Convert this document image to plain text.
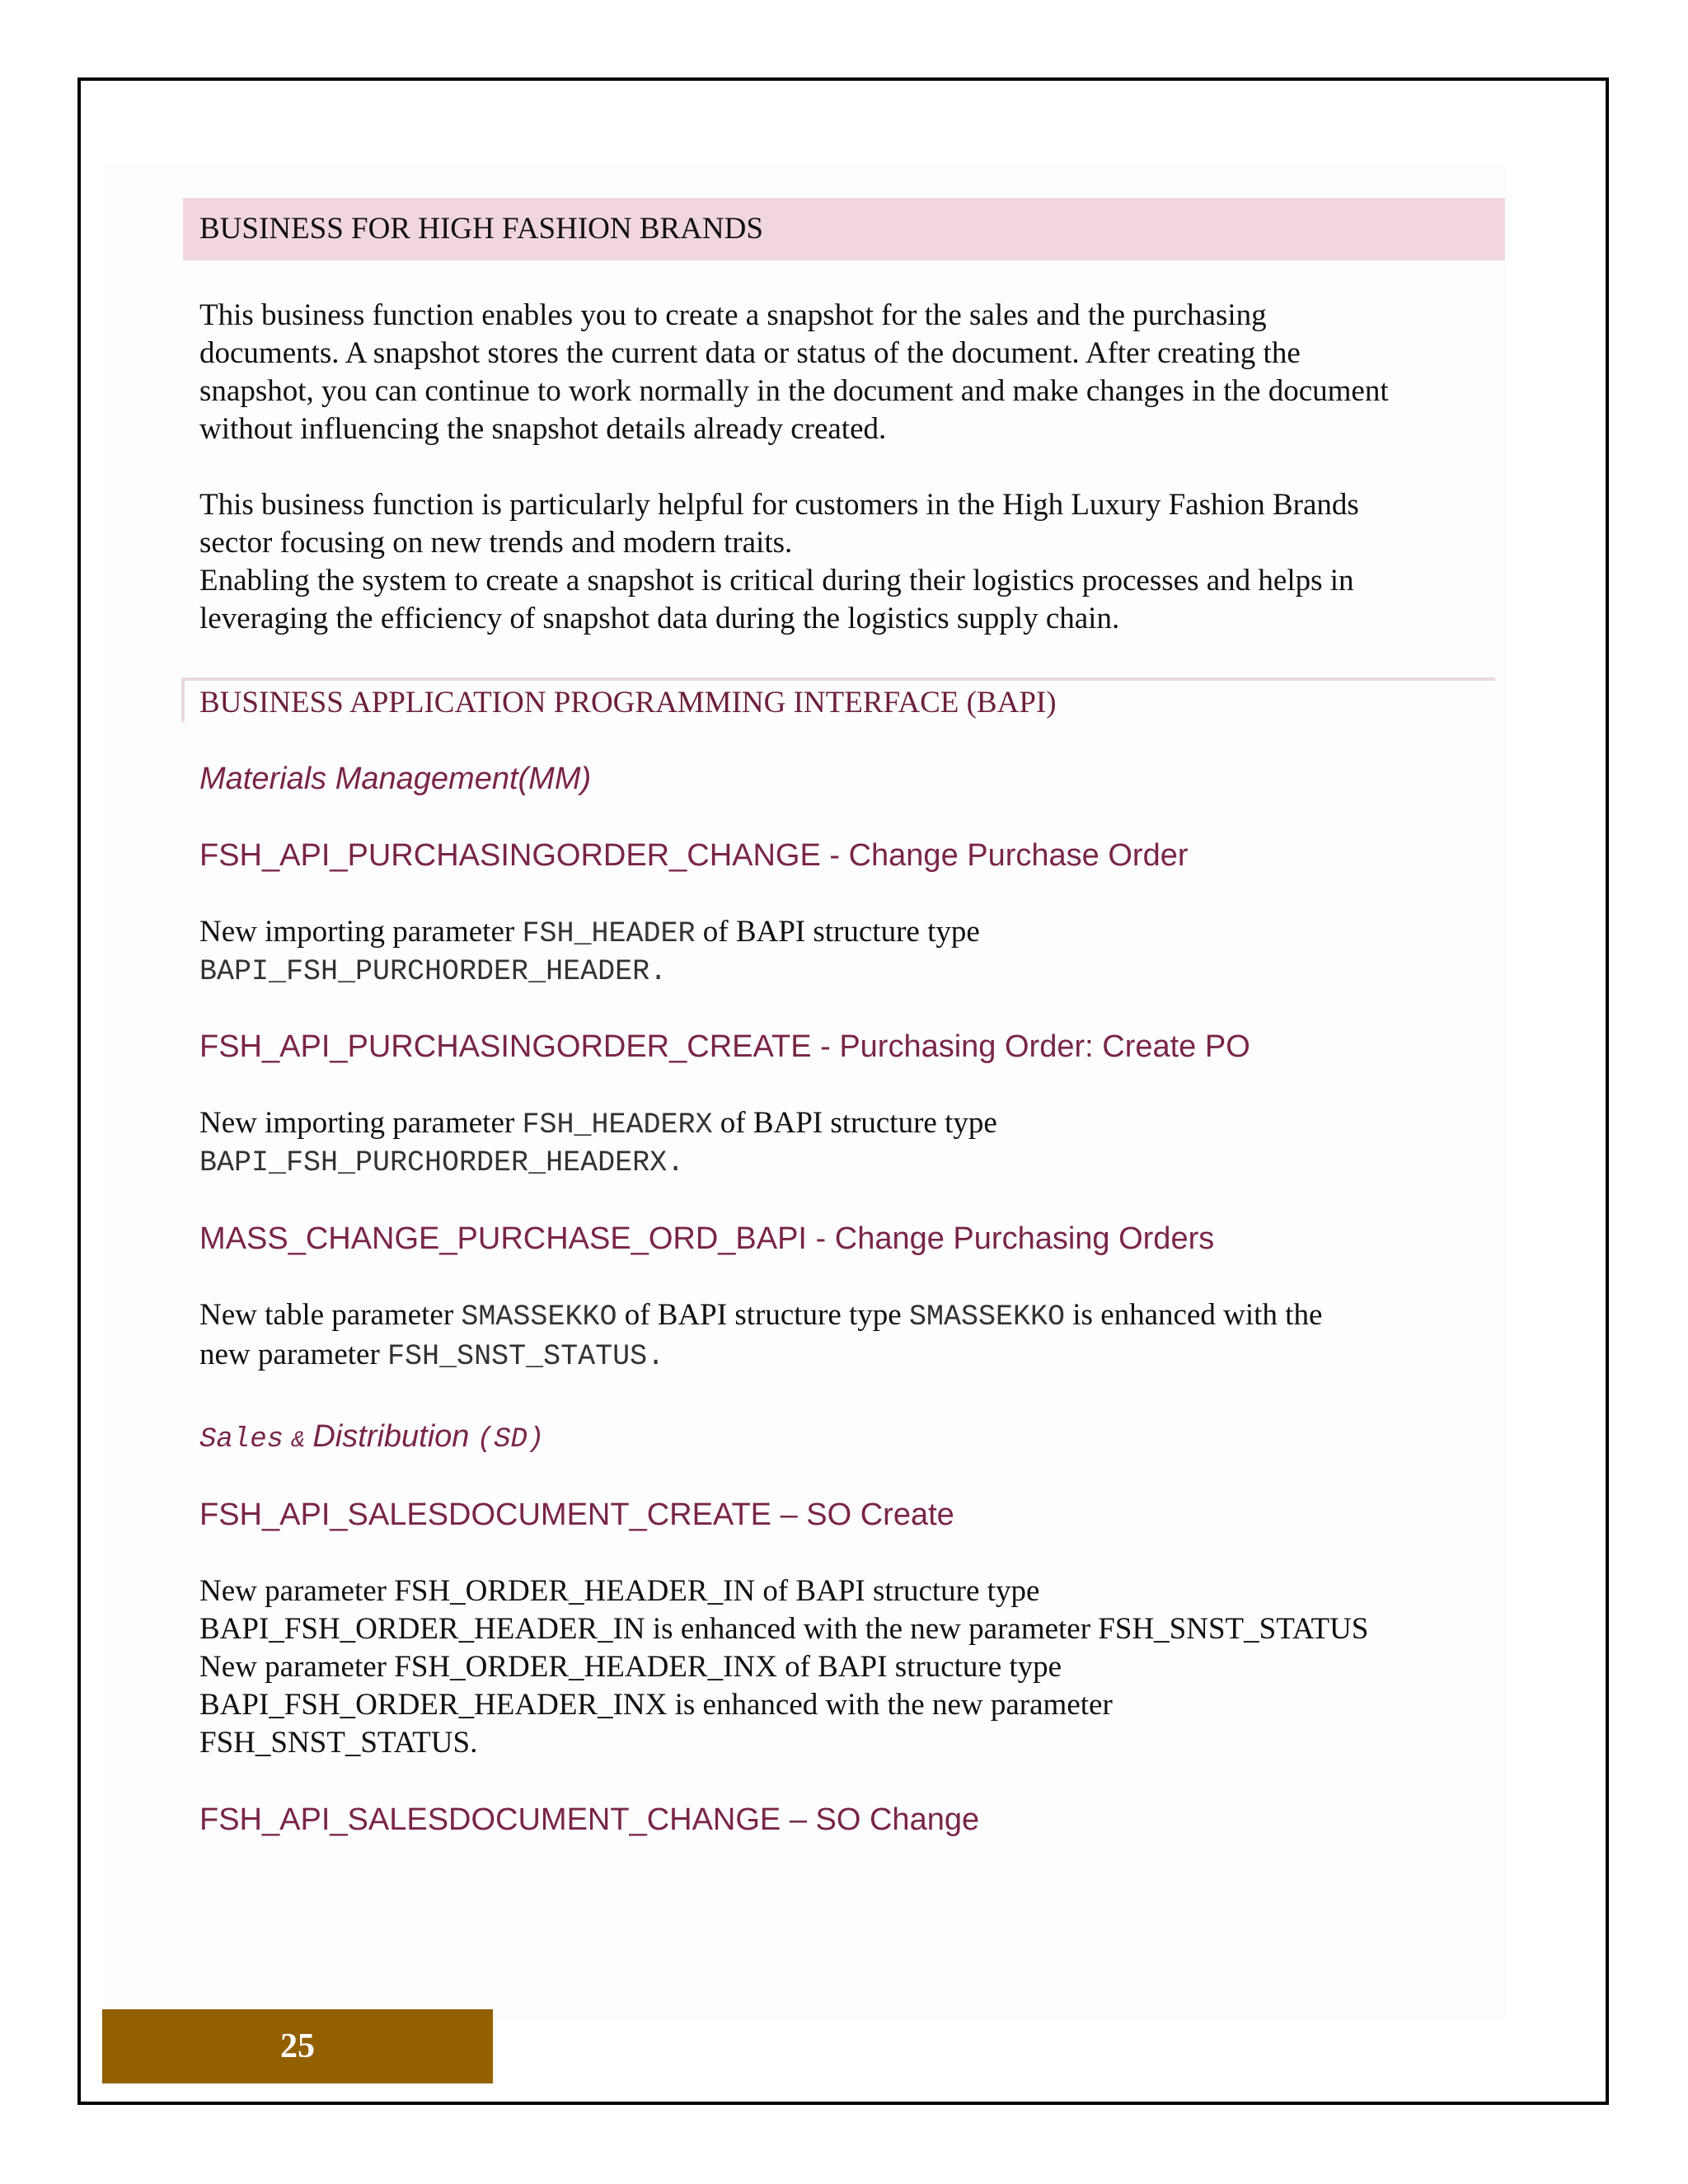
BUSINESS FOR HIGH FASHION BRANDS
This business function enables you to create a snapshot for the sales and the purchasing
documents. A snapshot stores the current data or status of the document. After creating the
snapshot, you can continue to work normally in the document and make changes in the document
without influencing the snapshot details already created.
This business function is particularly helpful for customers in the High Luxury Fashion Brands
sector focusing on new trends and modern traits.
Enabling the system to create a snapshot is critical during their logistics processes and helps in
leveraging the efficiency of snapshot data during the logistics supply chain.
BUSINESS APPLICATION PROGRAMMING INTERFACE (BAPI)
Materials Management(MM)
FSH_API_PURCHASINGORDER_CHANGE - Change Purchase Order
New importing parameter FSH_HEADER of BAPI structure type
BAPI_FSH_PURCHORDER_HEADER.
FSH_API_PURCHASINGORDER_CREATE - Purchasing Order: Create PO
New importing parameter FSH_HEADERX of BAPI structure type
BAPI_FSH_PURCHORDER_HEADERX.
MASS_CHANGE_PURCHASE_ORD_BAPI - Change Purchasing Orders
New table parameter SMASSEKKO of BAPI structure type SMASSEKKO is enhanced with the
new parameter FSH_SNST_STATUS.
Sales & Distribution (SD)
FSH_API_SALESDOCUMENT_CREATE – SO Create
New parameter FSH_ORDER_HEADER_IN of BAPI structure type
BAPI_FSH_ORDER_HEADER_IN is enhanced with the new parameter FSH_SNST_STATUS
New parameter FSH_ORDER_HEADER_INX of BAPI structure type
BAPI_FSH_ORDER_HEADER_INX is enhanced with the new parameter
FSH_SNST_STATUS.
FSH_API_SALESDOCUMENT_CHANGE – SO Change
25
